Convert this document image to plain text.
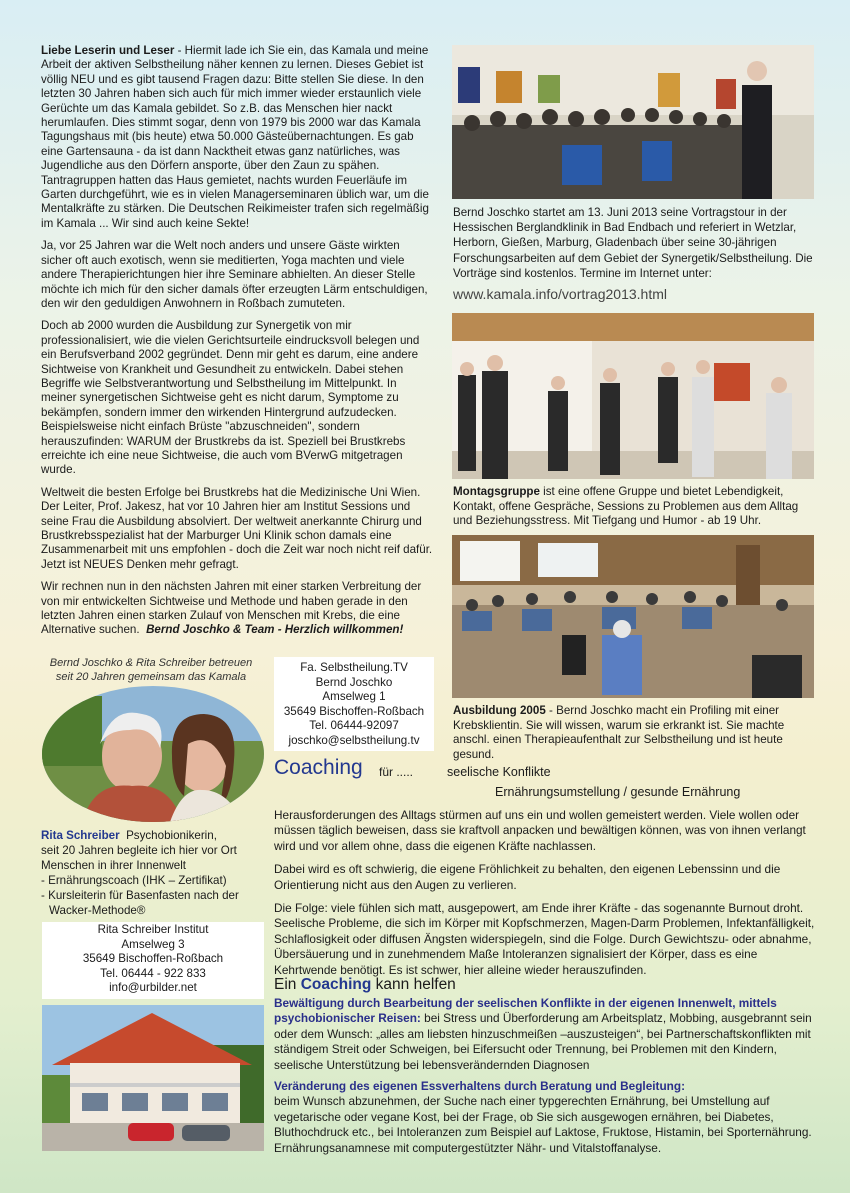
Liebe Leserin und Leser - Hiermit lade ich Sie ein, das Kamala und meine Arbeit der aktiven Selbstheilung näher kennen zu lernen. Dieses Gebiet ist völlig NEU und es gibt tausend Fragen dazu: Bitte stellen Sie diese. In den letzten 30 Jahren haben sich auch für mich immer wieder erstaunlich viele Gerüchte um das Kamala gebildet. So z.B. das Menschen hier nackt herumlaufen. Dies stimmt sogar, denn von 1979 bis 2000 war das Kamala Tagungshaus mit (bis heute) etwa 50.000 Gästeübernachtungen. Es gab eine Gartensauna - da ist dann Nacktheit etwas ganz natürliches, was Jugendliche aus den Dörfern ansporte, über den Zaun zu spähen. Tantragruppen hatten das Haus gemietet, nachts wurden Feuerläufe im Garten durchgeführt, wie es in vielen Managerseminaren üblich war, um die Mentalkräfte zu stärken. Die Deutschen Reikimeister trafen sich regelmäßig im Kamala ... Wir sind auch keine Sekte!

Ja, vor 25 Jahren war die Welt noch anders und unsere Gäste wirkten sicher oft auch exotisch, wenn sie meditierten, Yoga machten und viele andere Therapierichtungen hier ihre Seminare abhielten. An dieser Stelle möchte ich mich für den sicher damals öfter erzeugten Lärm entschuldigen, den wir den geduldigen Anwohnern in Roßbach zumuteten.

Doch ab 2000 wurden die Ausbildung zur Synergetik von mir professionalisiert, wie die vielen Gerichtsurteile eindrucksvoll belegen und ein Berufsverband 2002 gegründet. Denn mir geht es darum, eine andere Sichtweise von Krankheit und Gesundheit zu entwickeln. Dabei stehen Begriffe wie Selbstverantwortung und Selbstheilung im Mittelpunkt. In meiner synergetischen Sichtweise geht es nicht darum, Symptome zu bekämpfen, sondern immer den wirkenden Hintergrund aufzudecken. Beispielsweise nicht einfach Brüste "abzuschneiden", sondern herauszufinden: WARUM der Brustkrebs da ist. Speziell bei Brustkrebs erreichte ich eine neue Sichtweise, die auch vom BVerwG mitgetragen wurde.

Weltweit die besten Erfolge bei Brustkrebs hat die Medizinische Uni Wien. Der Leiter, Prof. Jakesz, hat vor 10 Jahren hier am Institut Sessions und seine Frau die Ausbildung absolviert. Der weltweit anerkannte Chirurg und Brustkrebsspezialist hat der Marburger Uni Klinik schon damals eine Zusammenarbeit mit uns empfohlen - doch die Zeit war noch nicht reif dafür. Jetzt ist NEUES Denken mehr gefragt.

Wir rechnen nun in den nächsten Jahren mit einer starken Verbreitung der von mir entwickelten Sichtweise und Methode und haben gerade in den letzten Jahren einen starken Zulauf von Menschen mit Krebs, die eine Alternative suchen. Bernd Joschko & Team - Herzlich willkommen!

Bernd Joschko & Rita Schreiber betreuen seit 20 Jahren gemeinsam das Kamala
Fa. Selbstheilung.TV
Bernd Joschko
Amselweg 1
35649 Bischoffen-Roßbach
Tel. 06444-92097
joschko@selbstheilung.tv
Rita Schreiber Psychobionikerin,
seit 20 Jahren begleite ich hier vor Ort
Menschen in ihrer Innenwelt
- Ernährungscoach (IHK – Zertifikat)
- Kursleiterin für Basenfasten nach der
Wacker-Methode®
Rita Schreiber Institut
Amselweg 3
35649 Bischoffen-Roßbach
Tel. 06444 - 922 833
info@urbilder.net
Bernd Joschko startet am 13. Juni 2013 seine Vortragstour in der Hessischen Berglandklinik in Bad Endbach und referiert in Wetzlar, Herborn, Gießen, Marburg, Gladenbach über seine 30-jährigen Forschungsarbeiten auf dem Gebiet der Synergetik/Selbstheilung. Die Vorträge sind kostenlos. Termine im Internet unter:
www.kamala.info/vortrag2013.html
Montagsgruppe ist eine offene Gruppe und bietet Lebendigkeit, Kontakt, offene Gespräche, Sessions zu Problemen aus dem Alltag und Beziehungsstress. Mit Tiefgang und Humor - ab 19 Uhr.
Ausbildung 2005 - Bernd Joschko macht ein Profiling mit einer Krebsklientin. Sie will wissen, warum sie erkrankt ist. Sie machte anschl. einen Therapieaufenthalt zur Selbstheilung und ist heute gesund.
Coaching für .....	seelische Konflikte
Ernährungsumstellung / gesunde Ernährung

Herausforderungen des Alltags stürmen auf uns ein und wollen gemeistert werden. Viele wollen oder müssen täglich beweisen, dass sie kraftvoll anpacken und bewältigen können, was von ihnen verlangt wird und vor allem ohne, dass die eigenen Kräfte nachlassen.

Dabei wird es oft schwierig, die eigene Fröhlichkeit zu behalten, den eigenen Lebenssinn und die Orientierung nicht aus den Augen zu verlieren.

Die Folge: viele fühlen sich matt, ausgepowert, am Ende ihrer Kräfte - das sogenannte Burnout droht. Seelische Probleme, die sich im Körper mit Kopfschmerzen, Magen-Darm Problemen, Infektanfälligkeit, Schlaflosigkeit oder diffusen Ängsten widerspiegeln, sind die Folge. Durch Gewichtszu- oder abnahme, Übersäuerung und in zunehmendem Maße Intoleranzen signalisiert der Körper, dass es eine Kehrtwende benötigt. Es ist schwer, hier alleine wieder herauszufinden.

Ein Coaching kann helfen

Bewältigung durch Bearbeitung der seelischen Konflikte in der eigenen Innenwelt, mittels psychobionischer Reisen: bei Stress und Überforderung am Arbeitsplatz, Mobbing, ausgebrannt sein oder dem Wunsch: „alles am liebsten hinzuschmeißen –auszusteigen“, bei Partnerschaftskonflikten mit ständigem Streit oder Schweigen, bei Eifersucht oder Trennung, bei Problemen mit den Kindern, seelische Unterstützung bei lebensverändernden Diagnosen

Veränderung des eigenen Essverhaltens durch Beratung und Begleitung:
beim Wunsch abzunehmen, der Suche nach einer typgerechten Ernährung, bei Umstellung auf vegetarische oder vegane Kost, bei der Frage, ob Sie sich ausgewogen ernähren, bei Diabetes, Bluthochdruck etc., bei Intoleranzen zum Beispiel auf Laktose, Fruktose, Histamin, bei Sporternährung. Ernährungsanamnese mit computergestützter Nähr- und Vitalstoffanalyse.
